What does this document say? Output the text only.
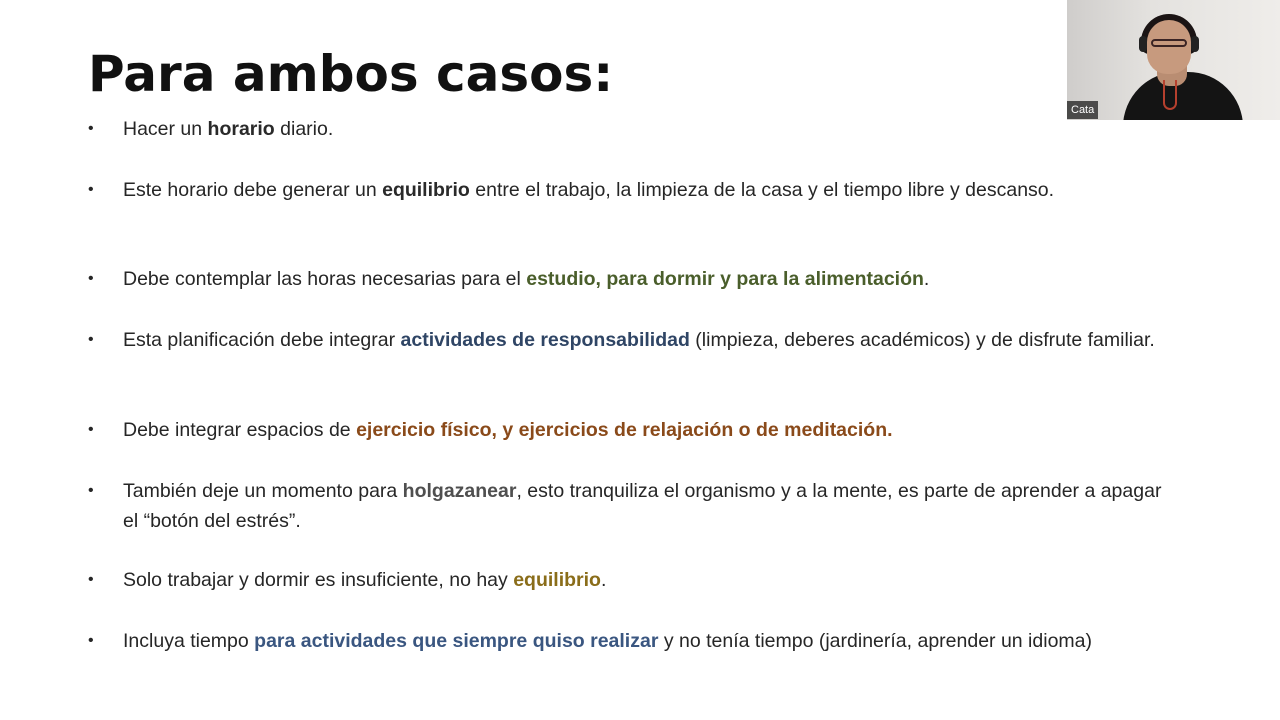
Para ambos casos:
•	Hacer un horario diario.
•	Este horario debe generar un equilibrio entre el trabajo, la limpieza de la casa y el tiempo libre y descanso.
•	Debe contemplar las horas necesarias para el estudio, para dormir y para la alimentación.
•	Esta planificación debe integrar actividades de responsabilidad (limpieza, deberes académicos) y de disfrute familiar.
•	Debe integrar espacios de ejercicio físico, y ejercicios de relajación o de meditación.
•	También deje un momento para holgazanear, esto tranquiliza el organismo y a la mente, es parte de aprender a apagar el “botón del estrés”.
•	Solo trabajar y dormir es insuficiente, no hay equilibrio.
•	Incluya tiempo para actividades que siempre quiso realizar y no tenía tiempo (jardinería, aprender un idioma)
Cata
